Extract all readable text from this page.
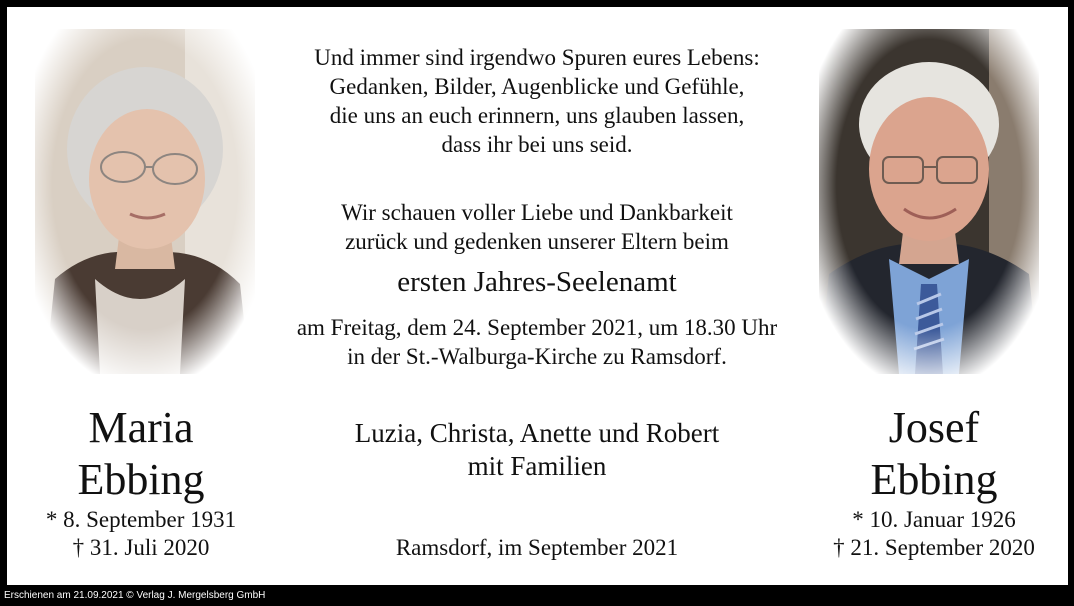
Und immer sind irgendwo Spuren eures Lebens:
Gedanken, Bilder, Augenblicke und Gefühle,
die uns an euch erinnern, uns glauben lassen,
dass ihr bei uns seid.
Wir schauen voller Liebe und Dankbarkeit
zurück und gedenken unserer Eltern beim
ersten Jahres-Seelenamt
am Freitag, dem 24. September 2021, um 18.30 Uhr
in der St.-Walburga-Kirche zu Ramsdorf.
Luzia, Christa, Anette und Robert
mit Familien
Ramsdorf, im September 2021
Maria
Ebbing
* 8. September 1931
† 31. Juli 2020
Josef
Ebbing
* 10. Januar 1926
† 21. September 2020
Erschienen am 21.09.2021 © Verlag J. Mergelsberg GmbH
